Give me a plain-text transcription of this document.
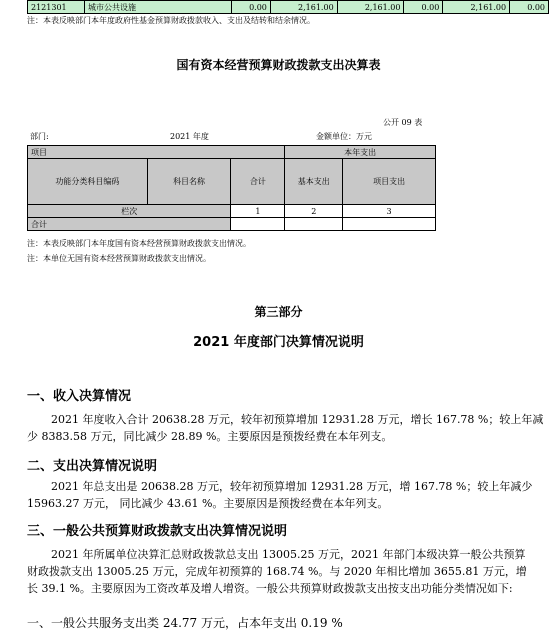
2121301	城市公共设施	0.00	2,161.00	2,161.00	0.00	2,161.00	0.00
注：本表反映部门本年度政府性基金预算财政拨款收入、支出及结转和结余情况。
国有资本经营预算财政拨款支出决算表
公开 09 表
部门:	2021 年度	金额单位：万元
项目			本年支出	
功能分类科目编码	科目名称	合计	基本支出	项目支出
栏次		1	2	3
合计				
注：本表反映部门本年度国有资本经营预算财政拨款支出情况。
注：本单位无国有资本经营预算财政拨款支出情况。
第三部分
2021 年度部门决算情况说明
一、收入决算情况
2021 年度收入合计 20638.28 万元，较年初预算增加 12931.28 万元，增长 167.78 %；较上年减少 8383.58 万元，同比减少 28.89 %。主要原因是预拨经费在本年列支。
二、支出决算情况说明
2021 年总支出是 20638.28 万元，较年初预算增加 12931.28 万元，增 167.78 %；较上年减少 15963.27 万元， 同比减少 43.61 %。主要原因是预拨经费在本年列支。
三、一般公共预算财政拨款支出决算情况说明
2021 年所属单位决算汇总财政拨款总支出 13005.25 万元，2021 年部门本级决算一般公共预算财政拨款支出 13005.25 万元，完成年初预算的 168.74 %。与 2020 年相比增加 3655.81 万元，增长 39.1 %。主要原因为工资改革及增人增资。一般公共预算财政拨款支出按支出功能分类情况如下:
一、一般公共服务支出类 24.77 万元，占本年支出 0.19 %
